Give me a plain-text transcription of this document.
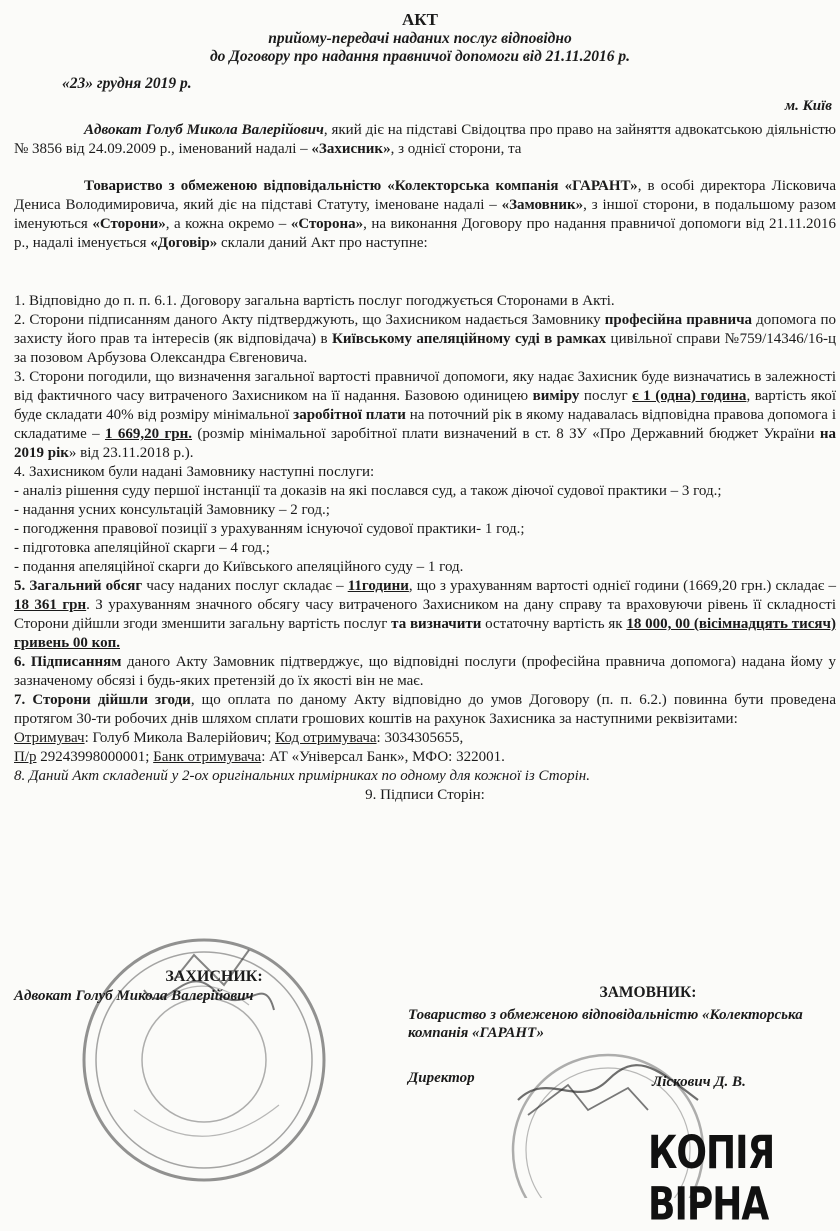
АКТ
прийому-передачі наданих послуг відповідно
до Договору про надання правничої допомоги від 21.11.2016 р.
«23» грудня 2019 р.
м. Київ

Адвокат Голуб Микола Валерійович, який діє на підставі Свідоцтва про право на зайняття адвокатською діяльністю № 3856 від 24.09.2009 р., іменований надалі – «Захисник», з однієї сторони, та

Товариство з обмеженою відповідальністю «Колекторська компанія «ГАРАНТ», в особі директора Лісковича Дениса Володимировича, який діє на підставі Статуту, іменоване надалі – «Замовник», з іншої сторони, в подальшому разом іменуються «Сторони», а кожна окремо – «Сторона», на виконання Договору про надання правничої допомоги від 21.11.2016 р., надалі іменується «Договір» склали даний Акт про наступне:

1. Відповідно до п. п. 6.1. Договору загальна вартість послуг погоджується Сторонами в Акті.

2. Сторони підписанням даного Акту підтверджують, що Захисником надається Замовнику професійна правнича допомога по захисту його прав та інтересів (як відповідача) в Київському апеляційному суді в рамках цивільної справи №759/14346/16-ц за позовом Арбузова Олександра Євгеновича.

3. Сторони погодили, що визначення загальної вартості правничої допомоги, яку надає Захисник буде визначатись в залежності від фактичного часу витраченого Захисником на її надання. Базовою одиницею виміру послуг є 1 (одна) година, вартість якої буде складати 40% від розміру мінімальної заробітної плати на поточний рік в якому надавалась відповідна правова допомога і складатиме – 1 669,20 грн. (розмір мінімальної заробітної плати визначений в ст. 8 ЗУ «Про Державний бюджет України на 2019 рік» від 23.11.2018 р.).

4. Захисником були надані Замовнику наступні послуги:

- аналіз рішення суду першої інстанції та доказів на які послався суд, а також діючої судової практики – 3 год.;

- надання усних консультацій Замовнику – 2 год.;

- погодження правової позиції з урахуванням існуючої судової практики- 1 год.;

- підготовка апеляційної скарги – 4 год.;

- подання апеляційної скарги до Київського апеляційного суду – 1 год.

5. Загальний обсяг часу наданих послуг складає – 11години, що з урахуванням вартості однієї години (1669,20 грн.) складає – 18 361 грн. З урахуванням значного обсягу часу витраченого Захисником на дану справу та враховуючи рівень її складності Сторони дійшли згоди зменшити загальну вартість послуг та визначити остаточну вартість як 18 000, 00 (вісімнадцять тисяч) гривень 00 коп.

6. Підписанням даного Акту Замовник підтверджує, що відповідні послуги (професійна правнича допомога) надана йому у зазначеному обсязі і будь-яких претензій до їх якості він не має.

7. Сторони дійшли згоди, що оплата по даному Акту відповідно до умов Договору (п. п. 6.2.) повинна бути проведена протягом 30-ти робочих днів шляхом сплати грошових коштів на рахунок Захисника за наступними реквізитами:

Отримувач: Голуб Микола Валерійович; Код отримувача: 3034305655,

П/р 29243998000001; Банк отримувача: АТ «Універсал Банк», МФО: 322001.

8. Даний Акт складений у 2-ох оригінальних примірниках по одному для кожної із Сторін.

9. Підписи Сторін:

ЗАХИСНИК:
Адвокат Голуб Микола Валерійович	ЗАМОВНИК:
Товариство з обмеженою відповідальністю «Колекторська компанія «ГАРАНТ»
Директор	Ліскович Д. В.
КОПІЯ ВІРНА
